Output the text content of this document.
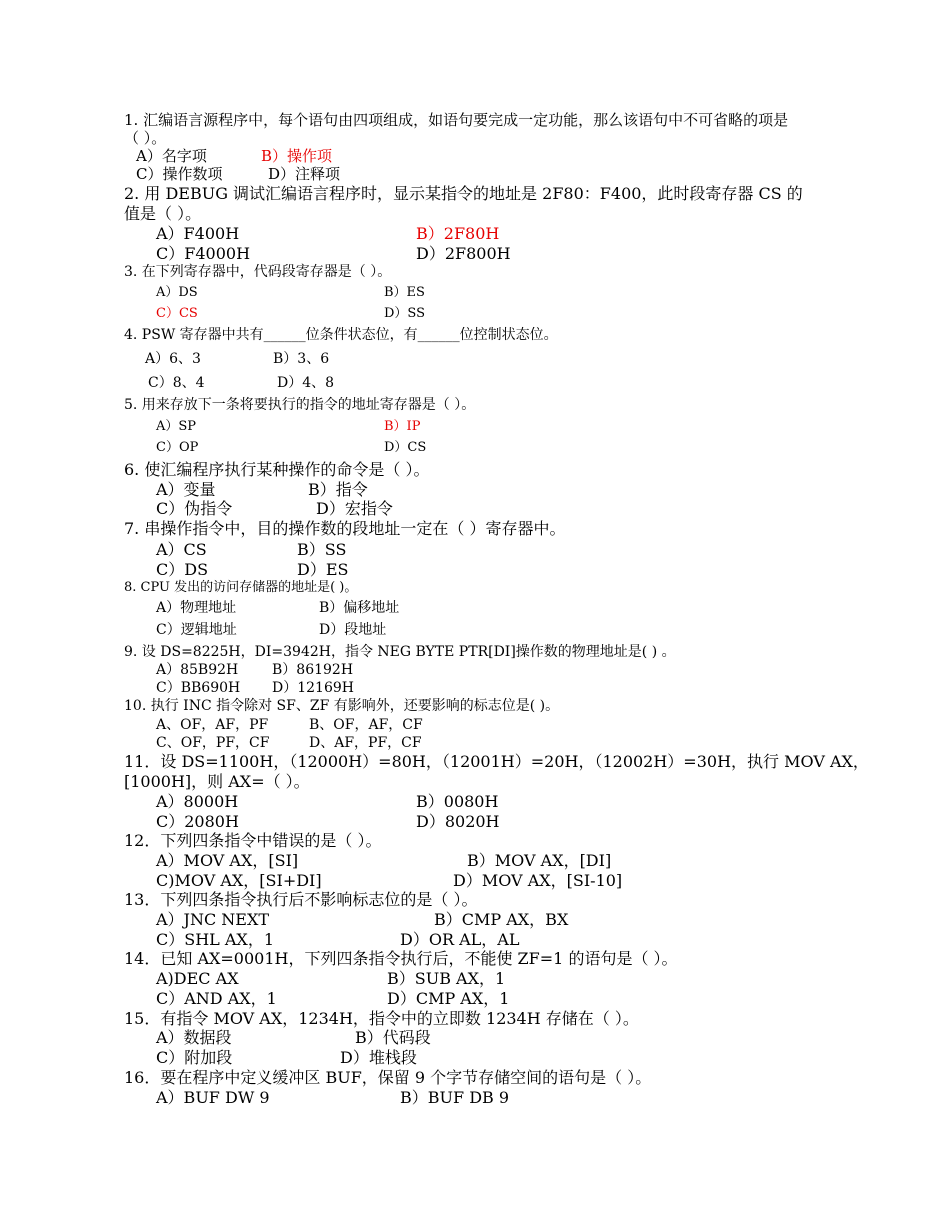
1. 汇编语言源程序中，每个语句由四项组成，如语句要完成一定功能，那么该语句中不可省略的项是
（ ）。
A）名字项	B）操作项
C）操作数项	D）注释项
2. 用 DEBUG 调试汇编语言程序时，显示某指令的地址是 2F80：F400，此时段寄存器 CS 的
值是（ ）。
A）F400H	B）2F80H
C）F4000H	D）2F800H
3. 在下列寄存器中，代码段寄存器是（ ）。
A）DS	B）ES
C）CS	D）SS
4. PSW 寄存器中共有______位条件状态位，有______位控制状态位。
A）6、3	B）3、6
C）8、4	D）4、8
5. 用来存放下一条将要执行的指令的地址寄存器是（ ）。
A）SP	B）IP
C）OP	D）CS
6. 使汇编程序执行某种操作的命令是（ ）。
A）变量	B）指令
C）伪指令	D）宏指令
7. 串操作指令中，目的操作数的段地址一定在（ ）寄存器中。
A）CS	B）SS
C）DS	D）ES
8. CPU 发出的访问存储器的地址是( )。
A）物理地址	B）偏移地址
C）逻辑地址	D）段地址
9. 设 DS=8225H，DI=3942H，指令 NEG BYTE PTR[DI]操作数的物理地址是( ) 。
A）85B92H B）86192H
C）BB690H D）12169H
10. 执行 INC 指令除对 SF、ZF 有影响外，还要影响的标志位是( )。
A、OF，AF，PF	B、OF，AF，CF
C、OF，PF，CF	D、AF，PF，CF
11．设 DS=1100H，（12000H）=80H，（12001H）=20H，（12002H）=30H，执行 MOV AX，
[1000H]，则 AX=（ ）。
A）8000H	B）0080H
C）2080H	D）8020H
12．下列四条指令中错误的是（ ）。
A）MOV AX，[SI]	B）MOV AX，[DI]
C)MOV AX，[SI+DI]	D）MOV AX，[SI-10]
13．下列四条指令执行后不影响标志位的是（ ）。
A）JNC NEXT	B）CMP AX，BX
C）SHL AX，1	D）OR AL，AL
14．已知 AX=0001H，下列四条指令执行后，不能使 ZF=1 的语句是（ ）。
A)DEC AX	B）SUB AX，1
C）AND AX，1	D）CMP AX，1
15．有指令 MOV AX，1234H，指令中的立即数 1234H 存储在（ ）。
A）数据段	B）代码段
C）附加段	D）堆栈段
16．要在程序中定义缓冲区 BUF，保留 9 个字节存储空间的语句是（ ）。
A）BUF DW 9	B）BUF DB 9
